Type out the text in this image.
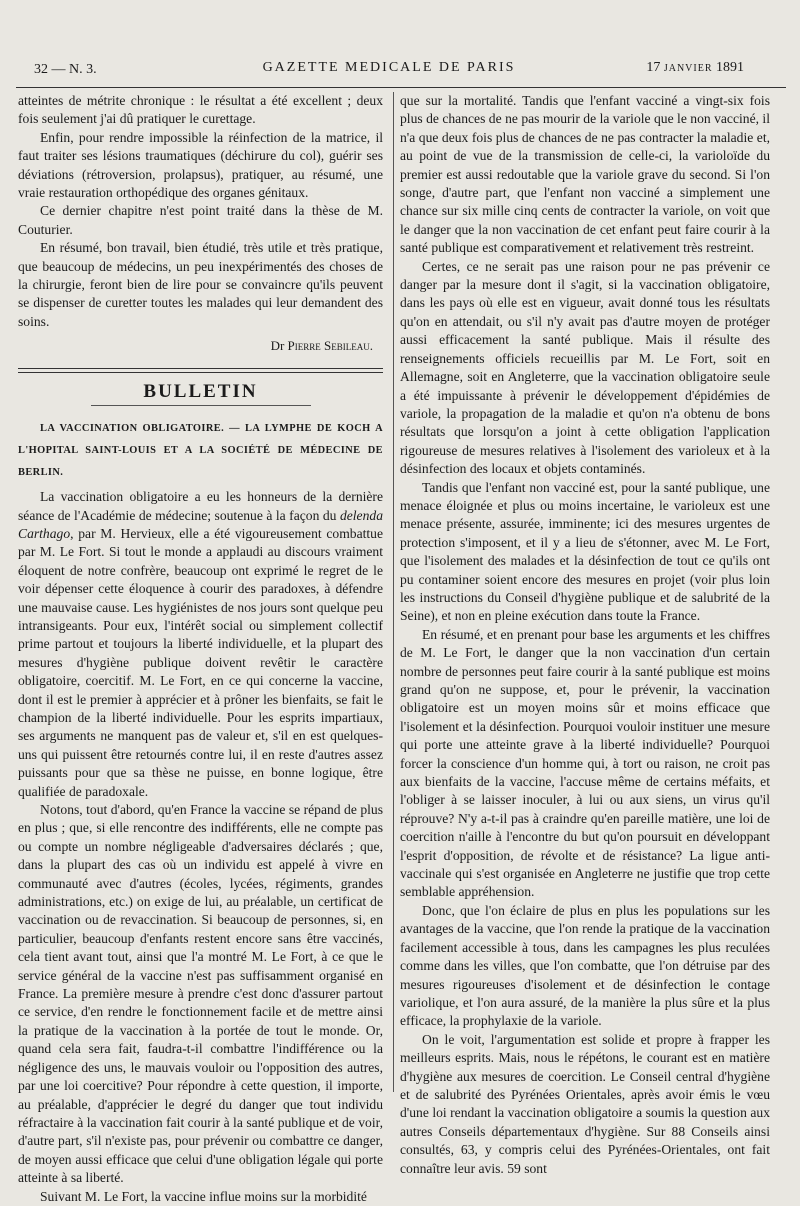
32 — N. 3.	GAZETTE MEDICALE DE PARIS	17 JANVIER 1891

atteintes de métrite chronique : le résultat a été excellent ; deux fois seulement j'ai dû pratiquer le curettage.

Enfin, pour rendre impossible la réinfection de la matrice, il faut traiter ses lésions traumatiques (déchirure du col), guérir ses déviations (rétroversion, prolapsus), pratiquer, au résumé, une vraie restauration orthopédique des organes génitaux.

Ce dernier chapitre n'est point traité dans la thèse de M. Couturier.

En résumé, bon travail, bien étudié, très utile et très pratique, que beaucoup de médecins, un peu inexpérimentés des choses de la chirurgie, feront bien de lire pour se convaincre qu'ils peuvent se dispenser de curetter toutes les malades qui leur demandent des soins.

Dr Pierre Sebileau.
BULLETIN
LA VACCINATION OBLIGATOIRE. — LA LYMPHE DE KOCH A L'HOPITAL SAINT-LOUIS ET A LA SOCIÉTÉ DE MÉDECINE DE BERLIN.

La vaccination obligatoire a eu les honneurs de la dernière séance de l'Académie de médecine; soutenue à la façon du delenda Carthago, par M. Hervieux, elle a été vigoureusement combattue par M. Le Fort. Si tout le monde a applaudi au discours vraiment éloquent de notre confrère, beaucoup ont exprimé le regret de le voir dépenser cette éloquence à courir des paradoxes, à défendre une mauvaise cause. Les hygiénistes de nos jours sont quelque peu intransigeants. Pour eux, l'intérêt social ou simplement collectif prime partout et toujours la liberté individuelle, et la plupart des mesures d'hygiène publique doivent revêtir le caractère obligatoire, coercitif. M. Le Fort, en ce qui concerne la vaccine, dont il est le premier à apprécier et à prôner les bienfaits, se fait le champion de la liberté individuelle. Pour les esprits impartiaux, ses arguments ne manquent pas de valeur et, s'il en est quelques-uns qui puissent être retournés contre lui, il en reste d'autres assez puissants pour que sa thèse ne puisse, en bonne logique, être qualifiée de paradoxale.

Notons, tout d'abord, qu'en France la vaccine se répand de plus en plus ; que, si elle rencontre des indifférents, elle ne compte pas ou compte un nombre négligeable d'adversaires déclarés ; que, dans la plupart des cas où un individu est appelé à vivre en communauté avec d'autres (écoles, lycées, régiments, grandes administrations, etc.) on exige de lui, au préalable, un certificat de vaccination ou de revaccination. Si beaucoup de personnes, si, en particulier, beaucoup d'enfants restent encore sans être vaccinés, cela tient avant tout, ainsi que l'a montré M. Le Fort, à ce que le service général de la vaccine n'est pas suffisamment organisé en France. La première mesure à prendre c'est donc d'assurer partout ce service, d'en rendre le fonctionnement facile et de mettre ainsi la pratique de la vaccination à la portée de tout le monde. Or, quand cela sera fait, faudra-t-il combattre l'indifférence ou la négligence des uns, le mauvais vouloir ou l'opposition des autres, par une loi coercitive? Pour répondre à cette question, il importe, au préalable, d'apprécier le degré du danger que tout individu réfractaire à la vaccination fait courir à la santé publique et de voir, d'autre part, s'il n'existe pas, pour prévenir ou combattre ce danger, de moyen aussi efficace que celui d'une obligation légale qui porte atteinte à sa liberté.

Suivant M. Le Fort, la vaccine influe moins sur la morbidité

que sur la mortalité. Tandis que l'enfant vacciné a vingt-six fois plus de chances de ne pas mourir de la variole que le non vacciné, il n'a que deux fois plus de chances de ne pas contracter la maladie et, au point de vue de la transmission de celle-ci, la varioloïde du premier est aussi redoutable que la variole grave du second. Si l'on songe, d'autre part, que l'enfant non vacciné a simplement une chance sur six mille cinq cents de contracter la variole, on voit que le danger que la non vaccination de cet enfant peut faire courir à la santé publique est comparativement et relativement très restreint.

Certes, ce ne serait pas une raison pour ne pas prévenir ce danger par la mesure dont il s'agit, si la vaccination obligatoire, dans les pays où elle est en vigueur, avait donné tous les résultats qu'on en attendait, ou s'il n'y avait pas d'autre moyen de protéger aussi efficacement la santé publique. Mais il résulte des renseignements officiels recueillis par M. Le Fort, soit en Allemagne, soit en Angleterre, que la vaccination obligatoire seule a été impuissante à prévenir le développement d'épidémies de variole, la propagation de la maladie et qu'on n'a obtenu de bons résultats que lorsqu'on a joint à cette obligation l'application rigoureuse de mesures relatives à l'isolement des varioleux et à la désinfection des locaux et objets contaminés.

Tandis que l'enfant non vacciné est, pour la santé publique, une menace éloignée et plus ou moins incertaine, le varioleux est une menace présente, assurée, imminente; ici des mesures urgentes de protection s'imposent, et il y a lieu de s'étonner, avec M. Le Fort, que l'isolement des malades et la désinfection de tout ce qu'ils ont pu contaminer soient encore des mesures en projet (voir plus loin les instructions du Conseil d'hygiène publique et de salubrité de la Seine), et non en pleine exécution dans toute la France.

En résumé, et en prenant pour base les arguments et les chiffres de M. Le Fort, le danger que la non vaccination d'un certain nombre de personnes peut faire courir à la santé publique est moins grand qu'on ne suppose, et, pour le prévenir, la vaccination obligatoire est un moyen moins sûr et moins efficace que l'isolement et la désinfection. Pourquoi vouloir instituer une mesure qui porte une atteinte grave à la liberté individuelle? Pourquoi forcer la conscience d'un homme qui, à tort ou raison, ne croit pas aux bienfaits de la vaccine, l'accuse même de certains méfaits, et l'obliger à se laisser inoculer, à lui ou aux siens, un virus qu'il réprouve? N'y a-t-il pas à craindre qu'en pareille matière, une loi de coercition n'aille à l'encontre du but qu'on poursuit en développant l'esprit d'opposition, de révolte et de résistance? La ligue anti-vaccinale qui s'est organisée en Angleterre ne justifie que trop cette semblable appréhension.

Donc, que l'on éclaire de plus en plus les populations sur les avantages de la vaccine, que l'on rende la pratique de la vaccination facilement accessible à tous, dans les campagnes les plus reculées comme dans les villes, que l'on combatte, que l'on détruise par des mesures rigoureuses d'isolement et de désinfection le contage variolique, et l'on aura assuré, de la manière la plus sûre et la plus efficace, la prophylaxie de la variole.

On le voit, l'argumentation est solide et propre à frapper les meilleurs esprits. Mais, nous le répétons, le courant est en matière d'hygiène aux mesures de coercition. Le Conseil central d'hygiène et de salubrité des Pyrénées Orientales, après avoir émis le vœu d'une loi rendant la vaccination obligatoire a soumis la question aux autres Conseils départementaux d'hygiène. Sur 88 Conseils ainsi consultés, 63, y compris celui des Pyrénées-Orientales, ont fait connaître leur avis. 59 sont
